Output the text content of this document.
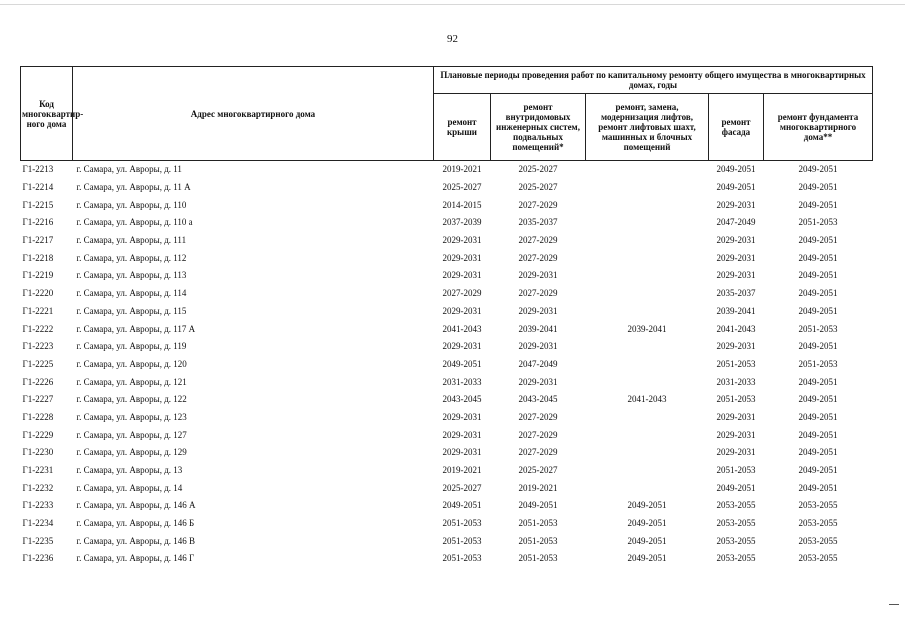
92
Код многоквартир-ного дома	Адрес многоквартирного дома	Плановые периоды проведения работ по капитальному ремонту общего имущества в многоквартирных домах, годы				
		ремонт крыши	ремонт внутридомовых инженерных систем, подвальных помещений*	ремонт, замена, модернизация лифтов, ремонт лифтовых шахт, машинных и блочных помещений	ремонт фасада	ремонт фундамента многоквартирного дома**
Г1-2213	г. Самара, ул. Авроры, д. 11	2019-2021	2025-2027		2049-2051	2049-2051
Г1-2214	г. Самара, ул. Авроры, д. 11 А	2025-2027	2025-2027		2049-2051	2049-2051
Г1-2215	г. Самара, ул. Авроры, д. 110	2014-2015	2027-2029		2029-2031	2049-2051
Г1-2216	г. Самара, ул. Авроры, д. 110 а	2037-2039	2035-2037		2047-2049	2051-2053
Г1-2217	г. Самара, ул. Авроры, д. 111	2029-2031	2027-2029		2029-2031	2049-2051
Г1-2218	г. Самара, ул. Авроры, д. 112	2029-2031	2027-2029		2029-2031	2049-2051
Г1-2219	г. Самара, ул. Авроры, д. 113	2029-2031	2029-2031		2029-2031	2049-2051
Г1-2220	г. Самара, ул. Авроры, д. 114	2027-2029	2027-2029		2035-2037	2049-2051
Г1-2221	г. Самара, ул. Авроры, д. 115	2029-2031	2029-2031		2039-2041	2049-2051
Г1-2222	г. Самара, ул. Авроры, д. 117 А	2041-2043	2039-2041	2039-2041	2041-2043	2051-2053
Г1-2223	г. Самара, ул. Авроры, д. 119	2029-2031	2029-2031		2029-2031	2049-2051
Г1-2225	г. Самара, ул. Авроры, д. 120	2049-2051	2047-2049		2051-2053	2051-2053
Г1-2226	г. Самара, ул. Авроры, д. 121	2031-2033	2029-2031		2031-2033	2049-2051
Г1-2227	г. Самара, ул. Авроры, д. 122	2043-2045	2043-2045	2041-2043	2051-2053	2049-2051
Г1-2228	г. Самара, ул. Авроры, д. 123	2029-2031	2027-2029		2029-2031	2049-2051
Г1-2229	г. Самара, ул. Авроры, д. 127	2029-2031	2027-2029		2029-2031	2049-2051
Г1-2230	г. Самара, ул. Авроры, д. 129	2029-2031	2027-2029		2029-2031	2049-2051
Г1-2231	г. Самара, ул. Авроры, д. 13	2019-2021	2025-2027		2051-2053	2049-2051
Г1-2232	г. Самара, ул. Авроры, д. 14	2025-2027	2019-2021		2049-2051	2049-2051
Г1-2233	г. Самара, ул. Авроры, д. 146 А	2049-2051	2049-2051	2049-2051	2053-2055	2053-2055
Г1-2234	г. Самара, ул. Авроры, д. 146 Б	2051-2053	2051-2053	2049-2051	2053-2055	2053-2055
Г1-2235	г. Самара, ул. Авроры, д. 146 В	2051-2053	2051-2053	2049-2051	2053-2055	2053-2055
Г1-2236	г. Самара, ул. Авроры, д. 146 Г	2051-2053	2051-2053	2049-2051	2053-2055	2053-2055
